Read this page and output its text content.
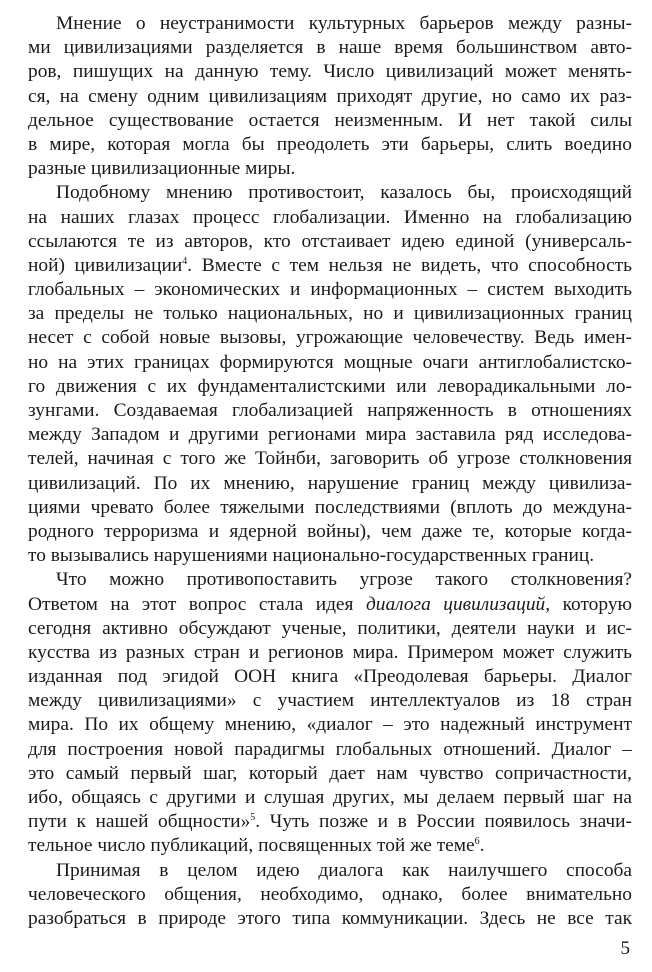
Мнение о неустранимости культурных барьеров между разны-
ми цивилизациями разделяется в наше время большинством авто-
ров, пишущих на данную тему. Число цивилизаций может менять-
ся, на смену одним цивилизациям приходят другие, но само их раз-
дельное существование остается неизменным. И нет такой силы
в мире, которая могла бы преодолеть эти барьеры, слить воедино
разные цивилизационные миры.
Подобному мнению противостоит, казалось бы, происходящий
на наших глазах процесс глобализации. Именно на глобализацию
ссылаются те из авторов, кто отстаивает идею единой (универсаль-
ной) цивилизации$^4$. Вместе с тем нельзя не видеть, что способность
глобальных – экономических и информационных – систем выходить
за пределы не только национальных, но и цивилизационных границ
несет с собой новые вызовы, угрожающие человечеству. Ведь имен-
но на этих границах формируются мощные очаги антиглобалистско-
го движения с их фундаменталистскими или леворадикальными ло-
зунгами. Создаваемая глобализацией напряженность в отношениях
между Западом и другими регионами мира заставила ряд исследова-
телей, начиная с того же Тойнби, заговорить об угрозе столкновения
цивилизаций. По их мнению, нарушение границ между цивилиза-
циями чревато более тяжелыми последствиями (вплоть до междуна-
родного терроризма и ядерной войны), чем даже те, которые когда-
то вызывались нарушениями национально-государственных границ.
Что можно противопоставить угрозе такого столкновения?
Ответом на этот вопрос стала идея диалога цивилизаций, которую
сегодня активно обсуждают ученые, политики, деятели науки и ис-
кусства из разных стран и регионов мира. Примером может служить
изданная под эгидой ООН книга «Преодолевая барьеры. Диалог
между цивилизациями» с участием интеллектуалов из 18 стран
мира. По их общему мнению, «диалог – это надежный инструмент
для построения новой парадигмы глобальных отношений. Диалог –
это самый первый шаг, который дает нам чувство сопричастности,
ибо, общаясь с другими и слушая других, мы делаем первый шаг на
пути к нашей общности»$^5$. Чуть позже и в России появилось значи-
тельное число публикаций, посвященных той же теме$^6$.
Принимая в целом идею диалога как наилучшего способа
человеческого общения, необходимо, однако, более внимательно
разобраться в природе этого типа коммуникации. Здесь не все так
5
